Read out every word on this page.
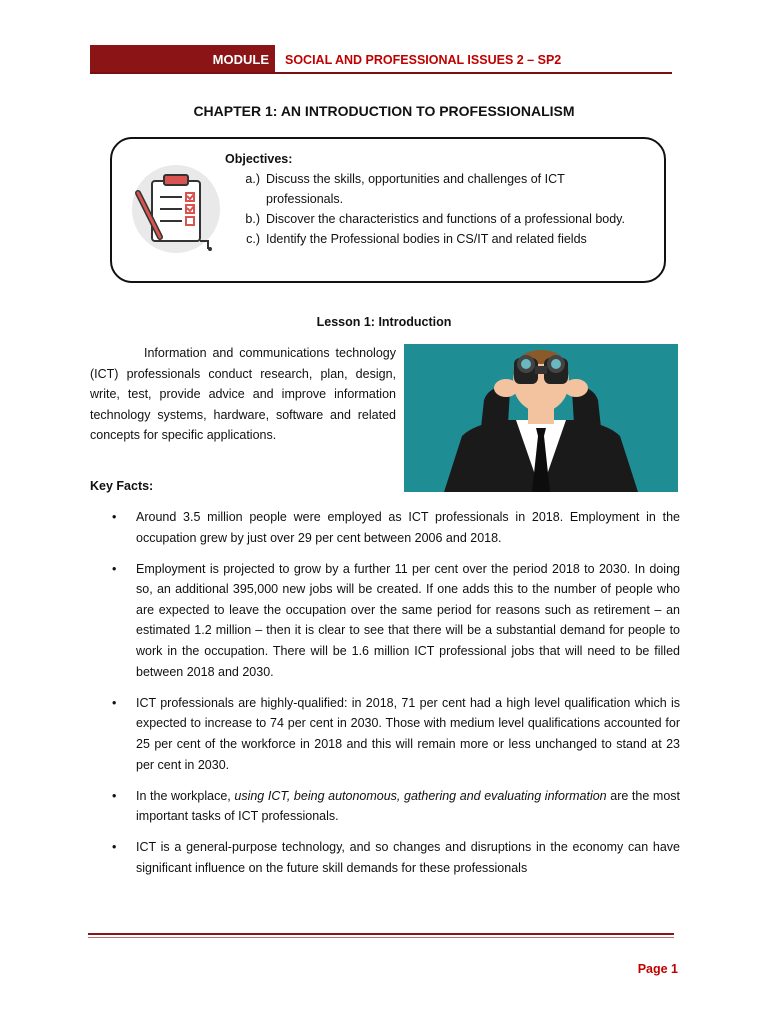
MODULE	SOCIAL AND PROFESSIONAL ISSUES 2 – SP2
CHAPTER 1: AN INTRODUCTION TO PROFESSIONALISM
Objectives:
a.) Discuss the skills, opportunities and challenges of ICT professionals.
b.) Discover the characteristics and functions of a professional body.
c.) Identify the Professional bodies in CS/IT and related fields
Lesson 1: Introduction
Information and communications technology (ICT) professionals conduct research, plan, design, write, test, provide advice and improve information technology systems, hardware, software and related concepts for specific applications.
Key Facts:
• Around 3.5 million people were employed as ICT professionals in 2018. Employment in the occupation grew by just over 29 per cent between 2006 and 2018.
• Employment is projected to grow by a further 11 per cent over the period 2018 to 2030. In doing so, an additional 395,000 new jobs will be created. If one adds this to the number of people who are expected to leave the occupation over the same period for reasons such as retirement – an estimated 1.2 million – then it is clear to see that there will be a substantial demand for people to work in the occupation. There will be 1.6 million ICT professional jobs that will need to be filled between 2018 and 2030.
• ICT professionals are highly-qualified: in 2018, 71 per cent had a high level qualification which is expected to increase to 74 per cent in 2030. Those with medium level qualifications accounted for 25 per cent of the workforce in 2018 and this will remain more or less unchanged to stand at 23 per cent in 2030.
• In the workplace, using ICT, being autonomous, gathering and evaluating information are the most important tasks of ICT professionals.
• ICT is a general-purpose technology, and so changes and disruptions in the economy can have significant influence on the future skill demands for these professionals
Page 1
